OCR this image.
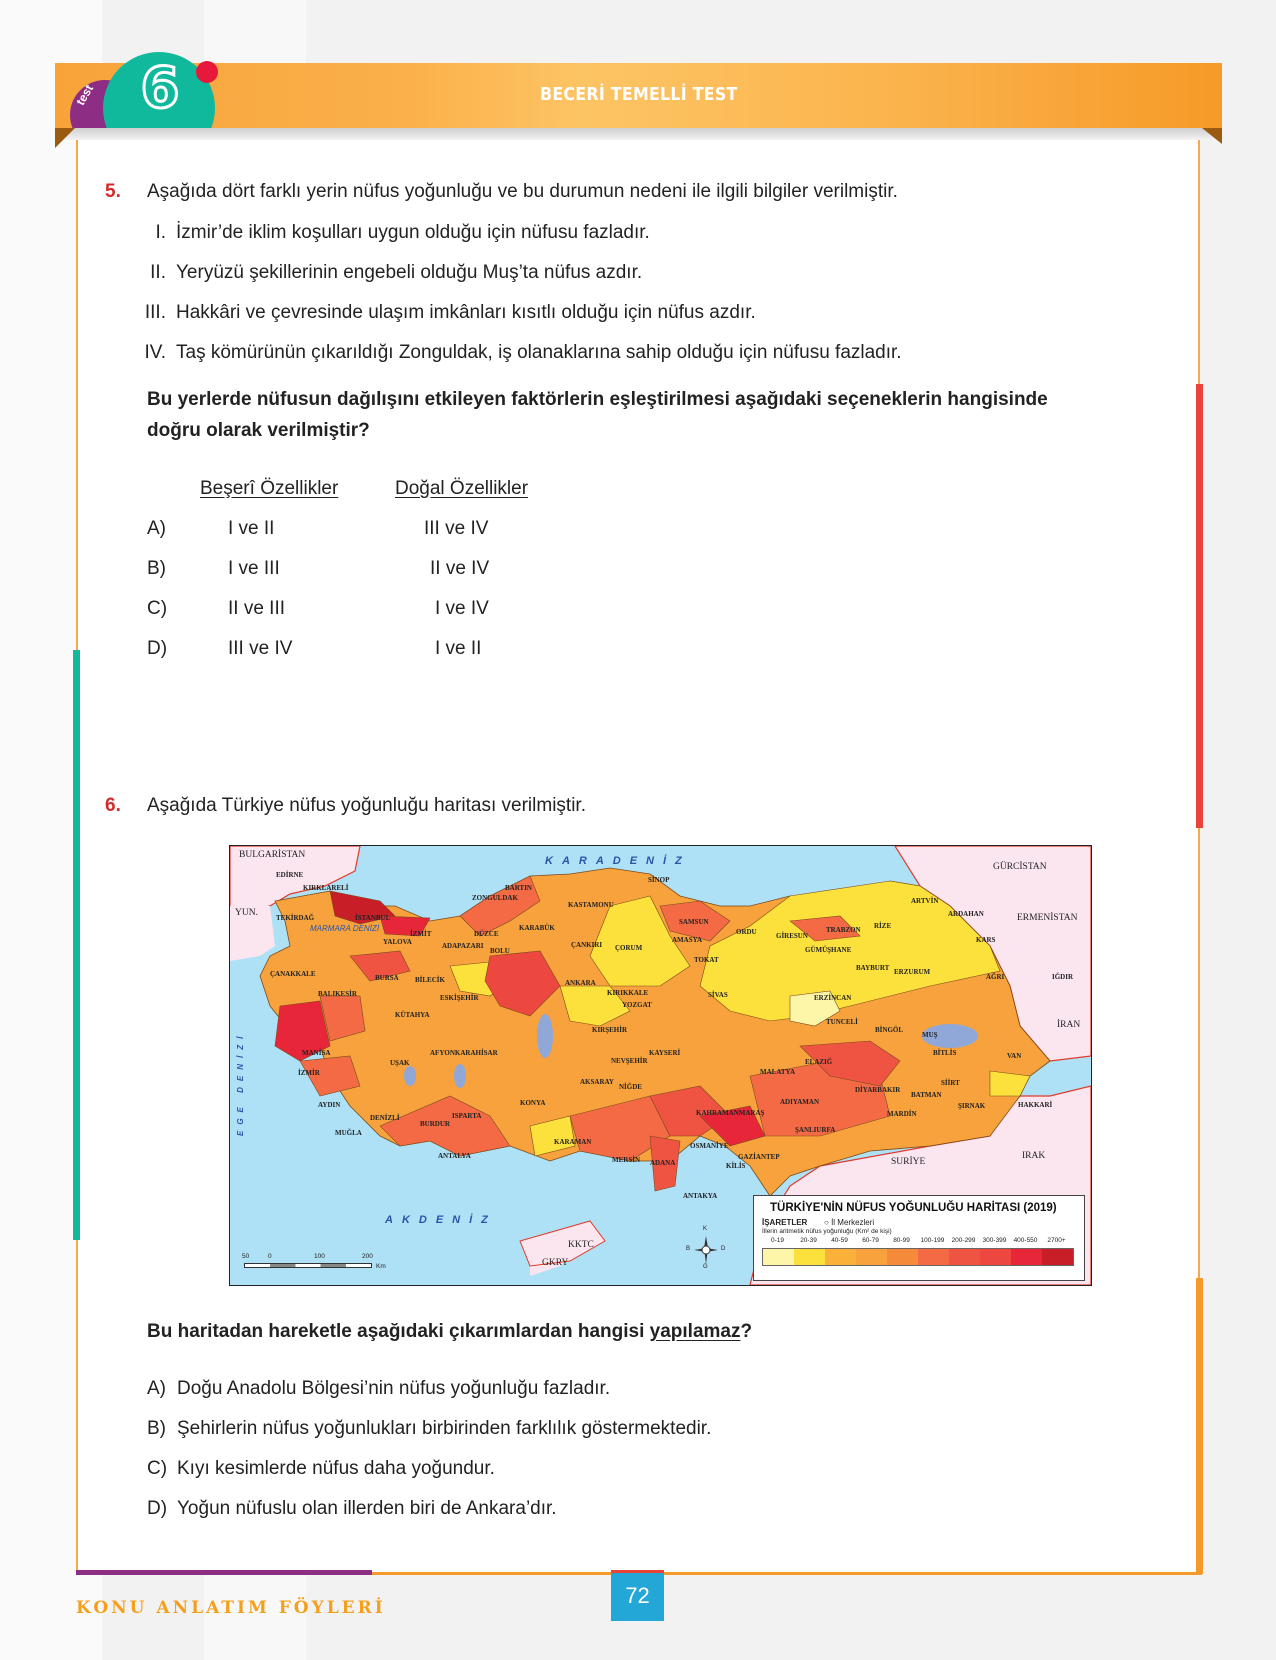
BECERİ TEMELLİ TEST
test 6
5. Aşağıda dört farklı yerin nüfus yoğunluğu ve bu durumun nedeni ile ilgili bilgiler verilmiştir.
I. İzmir’de iklim koşulları uygun olduğu için nüfusu fazladır.
II. Yeryüzü şekillerinin engebeli olduğu Muş’ta nüfus azdır.
III. Hakkâri ve çevresinde ulaşım imkânları kısıtlı olduğu için nüfus azdır.
IV. Taş kömürünün çıkarıldığı Zonguldak, iş olanaklarına sahip olduğu için nüfusu fazladır.
Bu yerlerde nüfusun dağılışını etkileyen faktörlerin eşleştirilmesi aşağıdaki seçeneklerin hangisinde
doğru olarak verilmiştir?
Beşerî Özellikler	Doğal Özellikler
A)	I ve II	III ve IV
B)	I ve III	II ve IV
C)	II ve III	I ve IV
D)	III ve IV	I ve II
6. Aşağıda Türkiye nüfus yoğunluğu haritası verilmiştir.
KARADENİZ
AKDENİZ
EGE DENİZİ
MARMARA DENİZİ
BULGARİSTAN
YUN.
GÜRCİSTAN
ERMENİSTAN
İRAN
IRAK
SURİYE
KKTC
GKRY
EDİRNE
KIRKLARELİ
TEKİRDAĞ	İSTANBUL
İZMİT
YALOVA	ADAPAZARI
DÜZCE
BOLU
ZONGULDAK
BARTIN
KARABÜK
KASTAMONU
SİNOP
SAMSUN
ÇANKIRI ÇORUM
AMASYA
TOKAT
ORDU	GİRESUN
TRABZON RİZE
ARTVİN
ARDAHAN
KARS
IĞDIR
AĞRI
ERZURUM
BAYBURT
GÜMÜŞHANE
ERZİNCAN
TUNCELİ
BİNGÖL
MUŞ
VAN
BİTLİS
SİİRT
HAKKARİ
ŞIRNAK
BATMAN
MARDİN
DİYARBAKIR
ELAZIĞ
MALATYA
ADIYAMAN
ŞANLIURFA
GAZİANTEP
KİLİS
OSMANİYE
ADANA
MERSİN
KAHRAMANMARAŞ
KAYSERİ
SİVAS
YOZGAT
KIRŞEHİR
NEVŞEHİR
NİĞDE
AKSARAY
KONYA
KARAMAN
ANTALYA
ISPARTA
BURDUR
DENİZLİ
MUĞLA
AYDIN
İZMİR
MANİSA
UŞAK
AFYONKARAHİSAR
KÜTAHYA
ESKİŞEHİR
BİLECİK
BURSA
BALIKESİR
ÇANAKKALE
ANKARA
KIRIKKALE
ANTAKYA
50	0	100	200
Km
K
G
B	D
TÜRKİYE'NİN NÜFUS YOĞUNLUĞU HARİTASI (2019)
İŞARETLER ○ İl Merkezleri
İllerin aritmetik nüfus yoğunluğu (Km² de kişi)
0-19	20-39	40-59	60-79	80-99	100-199	200-299	300-399	400-550	2700+
Bu haritadan hareketle aşağıdaki çıkarımlardan hangisi yapılamaz?
A) Doğu Anadolu Bölgesi’nin nüfus yoğunluğu fazladır.
B) Şehirlerin nüfus yoğunlukları birbirinden farklılık göstermektedir.
C) Kıyı kesimlerde nüfus daha yoğundur.
D) Yoğun nüfuslu olan illerden biri de Ankara’dır.
72
KONU ANLATIM FÖYLERİ
